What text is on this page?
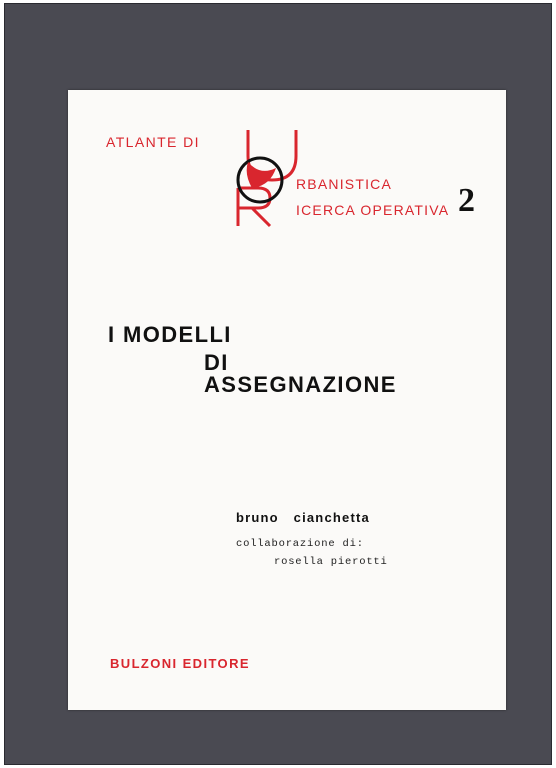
ATLANTE DI
RBANISTICA
ICERCA OPERATIVA 2
I MODELLI
DI
ASSEGNAZIONE
bruno cianchetta
collaborazione di:
rosella pierotti
BULZONI EDITORE
